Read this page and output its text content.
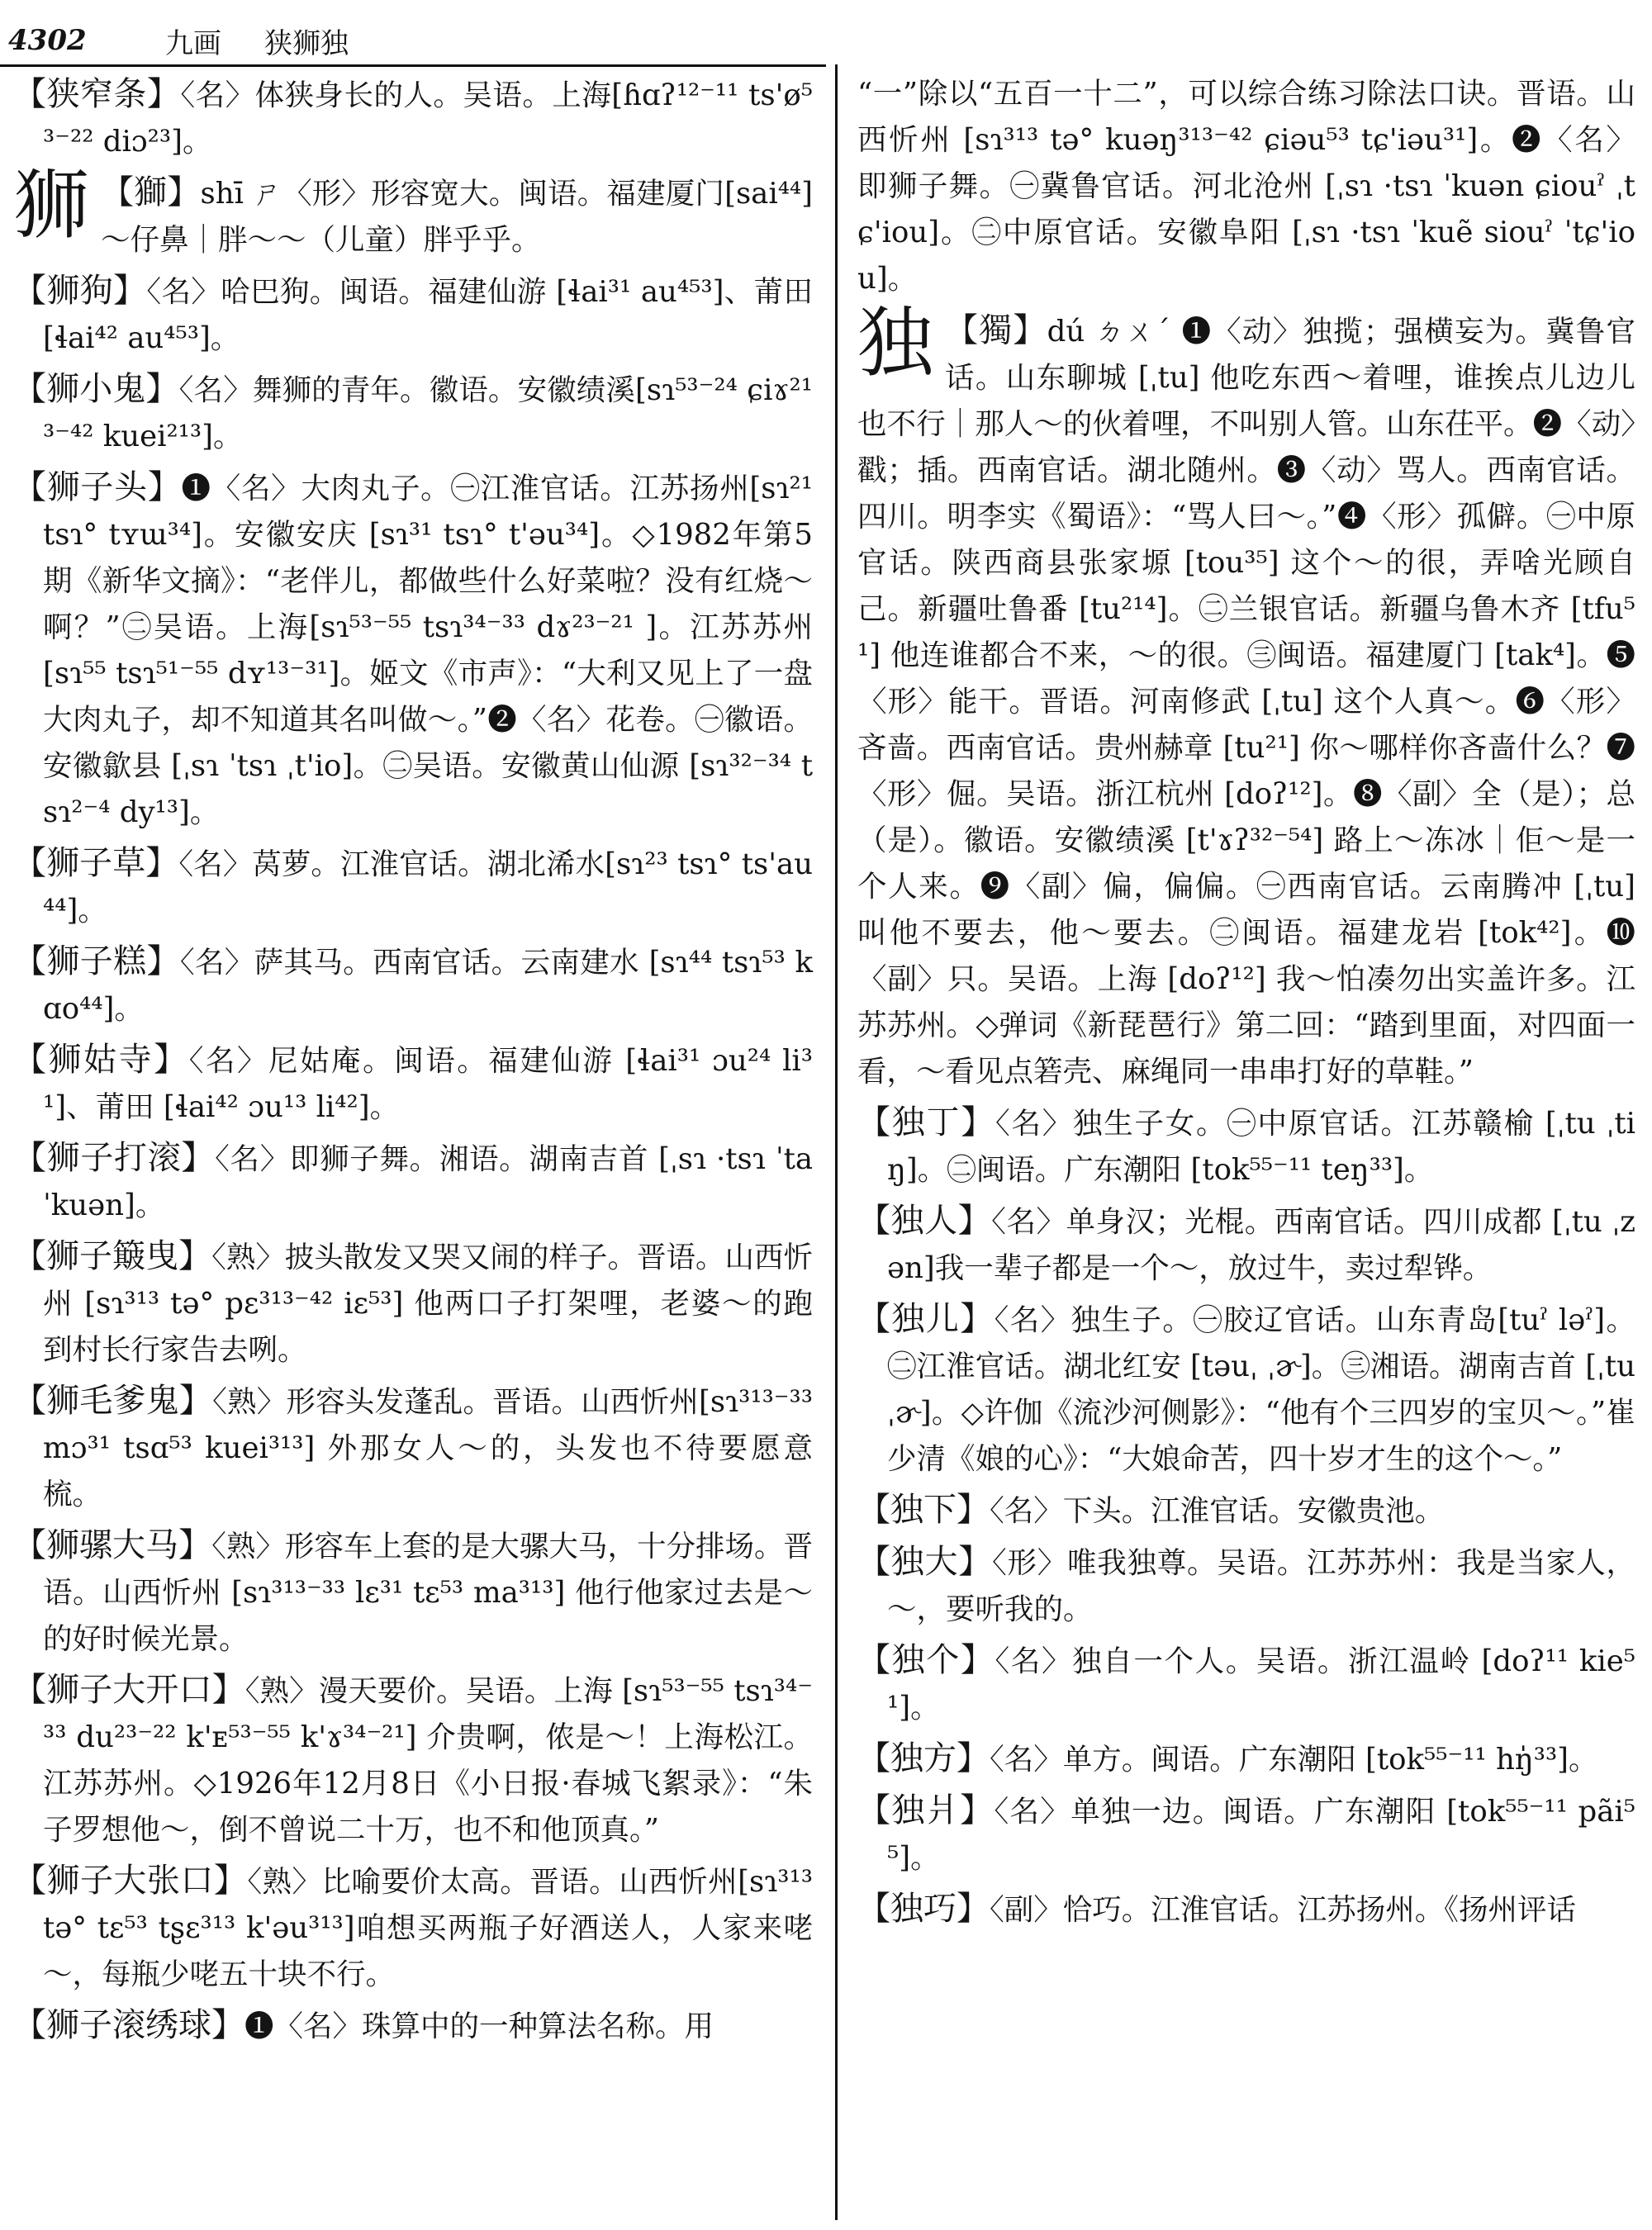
4302	九画	狭狮独

【狭窄条】〈名〉体狭身长的人。吴语。上海[ɦɑʔ¹²⁻¹¹ ts'ø⁵³⁻²² diɔ²³]。

狮 【獅】shī ㄕ〈形〉形容宽大。闽语。福建厦门[sai⁴⁴] ～仔鼻｜胖～～（儿童）胖乎乎。

【狮狗】〈名〉哈巴狗。闽语。福建仙游 [ɬai³¹ au⁴⁵³]、莆田 [ɬai⁴² au⁴⁵³]。

【狮小鬼】〈名〉舞狮的青年。徽语。安徽绩溪[sɿ⁵³⁻²⁴ ɕiɤ²¹³⁻⁴² kuei²¹³]。

【狮子头】❶〈名〉大肉丸子。㊀江淮官话。江苏扬州[sɿ²¹ tsɿ° tʏɯ³⁴]。安徽安庆 [sɿ³¹ tsɿ° t'əu³⁴]。◇1982年第5期《新华文摘》：“老伴儿，都做些什么好菜啦？没有红烧～啊？”㊁吴语。上海[sɿ⁵³⁻⁵⁵ tsɿ³⁴⁻³³ dɤ²³⁻²¹ ]。江苏苏州 [sɿ⁵⁵ tsɿ⁵¹⁻⁵⁵ dʏ¹³⁻³¹]。姬文《市声》：“大利又见上了一盘大肉丸子，却不知道其名叫做～。”❷〈名〉花卷。㊀徽语。安徽歙县 [ˌsɿ ˈtsɿ ˌt'io]。㊁吴语。安徽黄山仙源 [sɿ³²⁻³⁴ tsɿ²⁻⁴ dy¹³]。

【狮子草】〈名〉莴萝。江淮官话。湖北浠水[sɿ²³ tsɿ° ts'au⁴⁴]。

【狮子糕】〈名〉萨其马。西南官话。云南建水 [sɿ⁴⁴ tsɿ⁵³ kɑo⁴⁴]。

【狮姑寺】〈名〉尼姑庵。闽语。福建仙游 [ɬai³¹ ɔu²⁴ li³¹]、莆田 [ɬai⁴² ɔu¹³ li⁴²]。

【狮子打滚】〈名〉即狮子舞。湘语。湖南吉首 [ˌsɿ ·tsɿ ˈta ˈkuən]。

【狮子簸曳】〈熟〉披头散发又哭又闹的样子。晋语。山西忻州 [sɿ³¹³ tə° pɛ³¹³⁻⁴² iɛ⁵³] 他两口子打架哩，老婆～的跑到村长行家告去咧。

【狮毛爹鬼】〈熟〉形容头发蓬乱。晋语。山西忻州[sɿ³¹³⁻³³ mɔ³¹ tsɑ⁵³ kuei³¹³] 外那女人～的，头发也不待要愿意梳。

【狮骡大马】〈熟〉形容车上套的是大骡大马，十分排场。晋语。山西忻州 [sɿ³¹³⁻³³ lɛ³¹ tɛ⁵³ ma³¹³] 他行他家过去是～的好时候光景。

【狮子大开口】〈熟〉漫天要价。吴语。上海 [sɿ⁵³⁻⁵⁵ tsɿ³⁴⁻³³ du²³⁻²² k'ᴇ⁵³⁻⁵⁵ k'ɤ³⁴⁻²¹] 介贵啊，侬是～！上海松江。江苏苏州。◇1926年12月8日《小日报·春城飞絮录》：“朱子罗想他～，倒不曾说二十万，也不和他顶真。”

【狮子大张口】〈熟〉比喻要价太高。晋语。山西忻州[sɿ³¹³ tə° tɛ⁵³ tʂɛ³¹³ k'əu³¹³]咱想买两瓶子好酒送人，人家来咾～，每瓶少咾五十块不行。

【狮子滚绣球】❶〈名〉珠算中的一种算法名称。用

“一”除以“五百一十二”，可以综合练习除法口诀。晋语。山西忻州 [sɿ³¹³ tə° kuəŋ³¹³⁻⁴² ɕiəu⁵³ tɕ'iəu³¹]。❷〈名〉即狮子舞。㊀冀鲁官话。河北沧州 [ˌsɿ ·tsɿ ˈkuən ɕiouˀ ˌtɕ'iou]。㊁中原官话。安徽阜阳 [ˌsɿ ·tsɿ ˈkuẽ siouˀ ˈtɕ'iou]。

独 【獨】dú ㄉㄨˊ ❶〈动〉独揽；强横妄为。冀鲁官话。山东聊城 [ˌtu] 他吃东西～着哩，谁挨点儿边儿也不行｜那人～的伙着哩，不叫别人管。山东茌平。❷〈动〉戳；插。西南官话。湖北随州。❸〈动〉骂人。西南官话。四川。明李实《蜀语》：“骂人曰～。”❹〈形〉孤僻。㊀中原官话。陕西商县张家塬 [tou³⁵] 这个～的很，弄啥光顾自己。新疆吐鲁番 [tu²¹⁴]。㊁兰银官话。新疆乌鲁木齐 [tfu⁵¹] 他连谁都合不来，～的很。㊂闽语。福建厦门 [tak⁴]。❺〈形〉能干。晋语。河南修武 [ˌtu] 这个人真～。❻〈形〉吝啬。西南官话。贵州赫章 [tu²¹] 你～哪样你吝啬什么？❼〈形〉倔。吴语。浙江杭州 [doʔ¹²]。❽〈副〉全（是）；总（是）。徽语。安徽绩溪 [t'ɤʔ³²⁻⁵⁴] 路上～冻冰｜佢～是一个人来。❾〈副〉偏，偏偏。㊀西南官话。云南腾冲 [ˌtu] 叫他不要去，他～要去。㊁闽语。福建龙岩 [tok⁴²]。❿〈副〉只。吴语。上海 [doʔ¹²] 我～怕凑勿出实盖许多。江苏苏州。◇弹词《新琵琶行》第二回：“踏到里面，对四面一看，～看见点箬壳、麻绳同一串串打好的草鞋。”

【独丁】〈名〉独生子女。㊀中原官话。江苏赣榆 [ˌtu ˌtiŋ]。㊁闽语。广东潮阳 [tok⁵⁵⁻¹¹ teŋ³³]。

【独人】〈名〉单身汉；光棍。西南官话。四川成都 [ˌtu ˌzən]我一辈子都是一个～，放过牛，卖过犁铧。

【独儿】〈名〉独生子。㊀胶辽官话。山东青岛[tuˀ ləˀ]。㊁江淮官话。湖北红安 [təuˌ ˌɚ]。㊂湘语。湖南吉首 [ˌtu ˌɚ]。◇许伽《流沙河侧影》：“他有个三四岁的宝贝～。”崔少清《娘的心》：“大娘命苦，四十岁才生的这个～。”

【独下】〈名〉下头。江淮官话。安徽贵池。

【独大】〈形〉唯我独尊。吴语。江苏苏州：我是当家人，～，要听我的。

【独个】〈名〉独自一个人。吴语。浙江温岭 [doʔ¹¹ kie⁵¹]。

【独方】〈名〉单方。闽语。广东潮阳 [tok⁵⁵⁻¹¹ hŋ̍³³]。

【独爿】〈名〉单独一边。闽语。广东潮阳 [tok⁵⁵⁻¹¹ pãi⁵⁵]。

【独巧】〈副〉恰巧。江淮官话。江苏扬州。《扬州评话
